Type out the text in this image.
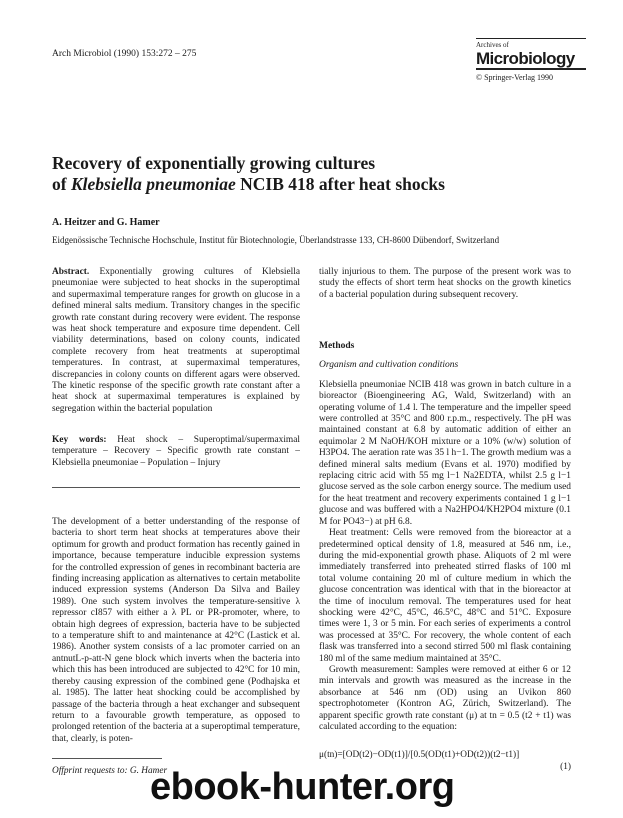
Arch Microbiol (1990) 153:272 – 275
Archives of
Microbiology
© Springer-Verlag 1990
Recovery of exponentially growing cultures
of Klebsiella pneumoniae NCIB 418 after heat shocks
A. Heitzer and G. Hamer
Eidgenössische Technische Hochschule, Institut für Biotechnologie, Überlandstrasse 133, CH-8600 Dübendorf, Switzerland

Abstract. Exponentially growing cultures of Klebsiella pneumoniae were subjected to heat shocks in the superoptimal and supermaximal temperature ranges for growth on glucose in a defined mineral salts medium. Transitory changes in the specific growth rate constant during recovery were evident. The response was heat shock temperature and exposure time dependent. Cell viability determinations, based on colony counts, indicated complete recovery from heat treatments at superoptimal temperatures. In contrast, at supermaximal temperatures, discrepancies in colony counts on different agars were observed. The kinetic response of the specific growth rate constant after a heat shock at supermaximal temperatures is explained by segregation within the bacterial population

Key words: Heat shock – Superoptimal/supermaximal temperature – Recovery – Specific growth rate constant – Klebsiella pneumoniae – Population – Injury

The development of a better understanding of the response of bacteria to short term heat shocks at temperatures above their optimum for growth and product formation has recently gained in importance, because temperature inducible expression systems for the controlled expression of genes in recombinant bacteria are finding increasing application as alternatives to certain metabolite induced expression systems (Anderson Da Silva and Bailey 1989). One such system involves the temperature-sensitive λ repressor cI857 with either a λ PL or PR-promoter, where, to obtain high degrees of expression, bacteria have to be subjected to a temperature shift to and maintenance at 42°C (Lastick et al. 1986). Another system consists of a lac promoter carried on an antnutL-p-att-N gene block which inverts when the bacteria into which this has been introduced are subjected to 42°C for 10 min, thereby causing expression of the combined gene (Podhajska et al. 1985). The latter heat shocking could be accomplished by passage of the bacteria through a heat exchanger and subsequent return to a favourable growth temperature, as opposed to prolonged retention of the bacteria at a superoptimal temperature, that, clearly, is poten-

Offprint requests to: G. Hamer

tially injurious to them. The purpose of the present work was to study the effects of short term heat shocks on the growth kinetics of a bacterial population during subsequent recovery.

Methods

Organism and cultivation conditions

Klebsiella pneumoniae NCIB 418 was grown in batch culture in a bioreactor (Bioengineering AG, Wald, Switzerland) with an operating volume of 1.4 l. The temperature and the impeller speed were controlled at 35°C and 800 r.p.m., respectively. The pH was maintained constant at 6.8 by automatic addition of either an equimolar 2 M NaOH/KOH mixture or a 10% (w/w) solution of H3PO4. The aeration rate was 35 l h−1. The growth medium was a defined mineral salts medium (Evans et al. 1970) modified by replacing citric acid with 55 mg l−1 Na2EDTA, whilst 2.5 g l−1 glucose served as the sole carbon energy source. The medium used for the heat treatment and recovery experiments contained 1 g l−1 glucose and was buffered with a Na2HPO4/KH2PO4 mixture (0.1 M for PO43−) at pH 6.8.

Heat treatment: Cells were removed from the bioreactor at a predetermined optical density of 1.8, measured at 546 nm, i.e., during the mid-exponential growth phase. Aliquots of 2 ml were immediately transferred into preheated stirred flasks of 100 ml total volume containing 20 ml of culture medium in which the glucose concentration was identical with that in the bioreactor at the time of inoculum removal. The temperatures used for heat shocking were 42°C, 45°C, 46.5°C, 48°C and 51°C. Exposure times were 1, 3 or 5 min. For each series of experiments a control was processed at 35°C. For recovery, the whole content of each flask was transferred into a second stirred 500 ml flask containing 180 ml of the same medium maintained at 35°C.

Growth measurement: Samples were removed at either 6 or 12 min intervals and growth was measured as the increase in the absorbance at 546 nm (OD) using an Uvikon 860 spectrophotometer (Kontron AG, Zürich, Switzerland). The apparent specific growth rate constant (μ) at tn = 0.5 (t2 + t1) was calculated according to the equation:

μ(tn)=[OD(t2)−OD(t1)]/[0.5(OD(t1)+OD(t2))(t2−t1)]
(1)
ebook-hunter.org
